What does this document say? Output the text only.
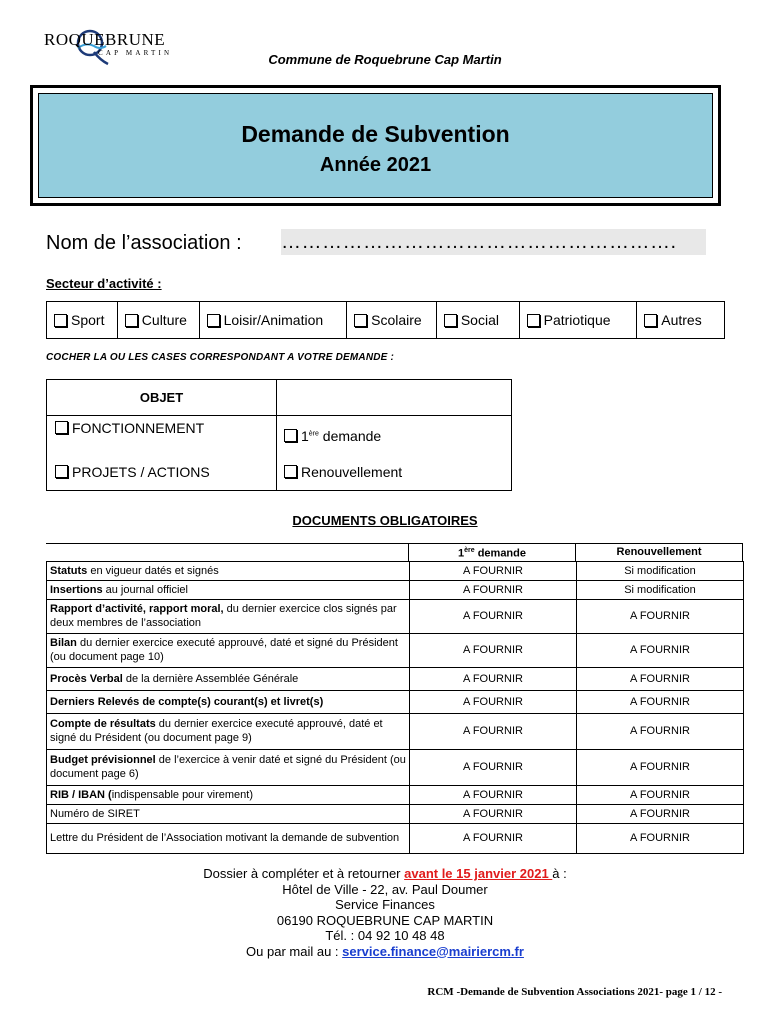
ROQUEBRUNE
CAP MARTIN	Commune de Roquebrune Cap Martin
Demande de Subvention
Année 2021
Nom de l’association : ………………………………………………….
Secteur d’activité :
Sport	Culture	Loisir/Animation	Scolaire	Social	Patriotique	Autres
COCHER LA OU LES CASES CORRESPONDANT A VOTRE DEMANDE :
OBJET
FONCTIONNEMENT
PROJETS / ACTIONS
1ère demande
Renouvellement
DOCUMENTS OBLIGATOIRES
	1ère demande	Renouvellement
Statuts en vigueur datés et signés	A FOURNIR	Si modification
Insertions au journal officiel	A FOURNIR	Si modification
Rapport d’activité, rapport moral, du dernier exercice clos signés par deux membres de l’association	A FOURNIR	A FOURNIR
Bilan du dernier exercice executé approuvé, daté et signé du Président (ou document page 10)	A FOURNIR	A FOURNIR
Procès Verbal de la dernière Assemblée Générale	A FOURNIR	A FOURNIR
Derniers Relevés de compte(s) courant(s) et livret(s)	A FOURNIR	A FOURNIR
Compte de résultats du dernier exercice executé approuvé, daté et signé du Président (ou document page 9)	A FOURNIR	A FOURNIR
Budget prévisionnel de l’exercice à venir daté et signé du Président (ou document page 6)	A FOURNIR	A FOURNIR
RIB / IBAN (indispensable pour virement)	A FOURNIR	A FOURNIR
Numéro de SIRET	A FOURNIR	A FOURNIR
Lettre du Président de l’Association motivant la demande de subvention	A FOURNIR	A FOURNIR
Dossier à compléter et à retourner avant le 15 janvier 2021 à :
Hôtel de Ville - 22, av. Paul Doumer
Service Finances
06190 ROQUEBRUNE CAP MARTIN
Tél. : 04 92 10 48 48
Ou par mail au : service.finance@mairiercm.fr
RCM -Demande de Subvention Associations 2021- page 1 / 12 -
